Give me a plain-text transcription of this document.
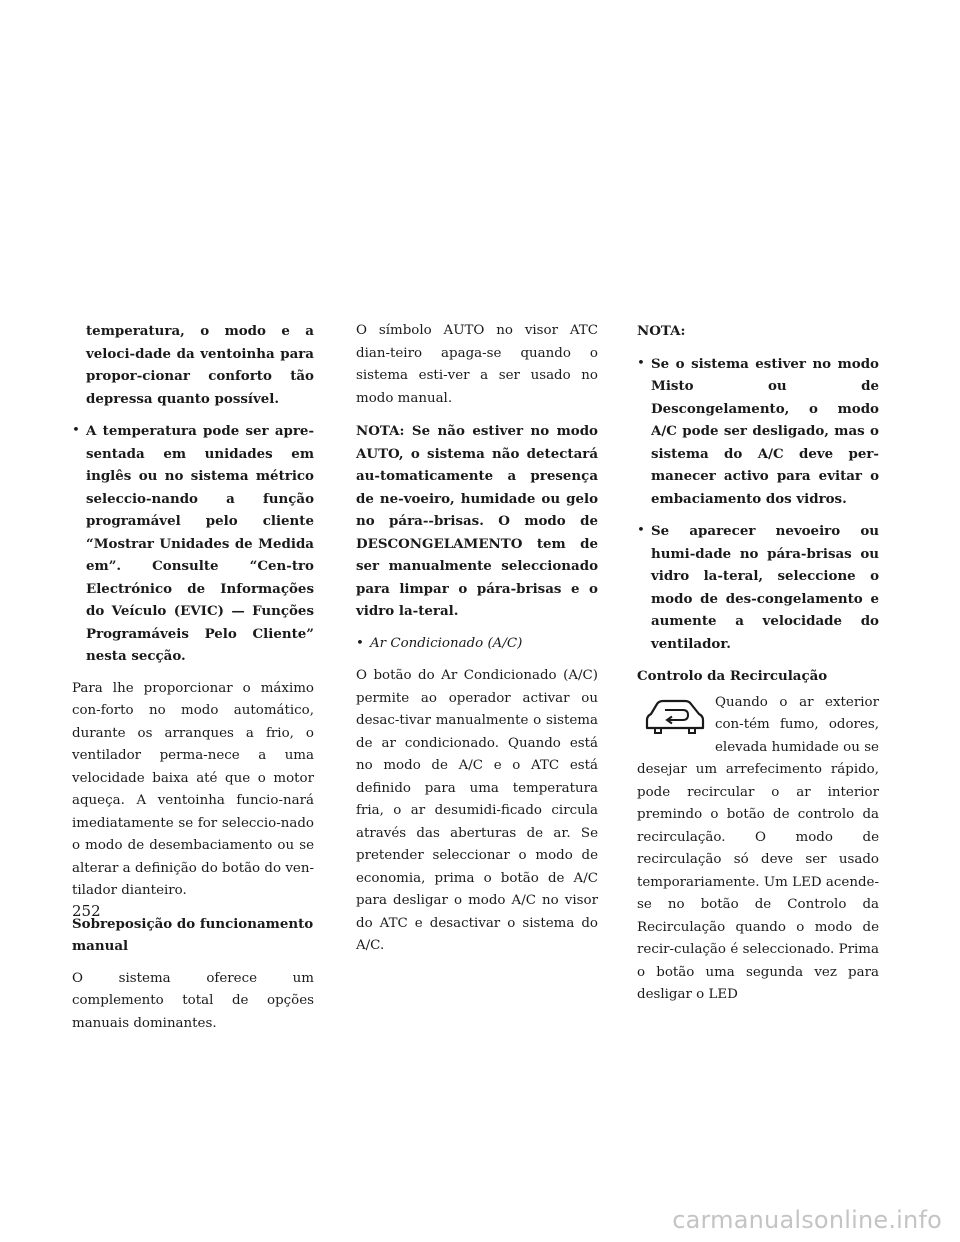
temperatura, o modo e a veloci-dade da ventoinha para propor-cionar conforto tão depressa quanto possível.

• A temperatura pode ser apre-sentada em unidades em inglês ou no sistema métrico seleccio-nando a função programável pelo cliente “Mostrar Unidades de Medida em”. Consulte “Cen-tro Electrónico de Informações do Veículo (EVIC) — Funções Programáveis Pelo Cliente” nesta secção.

Para lhe proporcionar o máximo con-forto no modo automático, durante os arranques a frio, o ventilador perma-nece a uma velocidade baixa até que o motor aqueça. A ventoinha funcio-nará imediatamente se for seleccio-nado o modo de desembaciamento ou se alterar a definição do botão do ven-tilador dianteiro.

Sobreposição do funcionamento manual

O sistema oferece um complemento total de opções manuais dominantes.

O símbolo AUTO no visor ATC dian-teiro apaga-se quando o sistema esti-ver a ser usado no modo manual.

NOTA: Se não estiver no modo AUTO, o sistema não detectará au-tomaticamente a presença de ne-voeiro, humidade ou gelo no pára--brisas. O modo de DESCONGELAMENTO tem de ser manualmente seleccionado para limpar o pára-brisas e o vidro la-teral.

• Ar Condicionado (A/C)

O botão do Ar Condicionado (A/C) permite ao operador activar ou desac-tivar manualmente o sistema de ar condicionado. Quando está no modo de A/C e o ATC está definido para uma temperatura fria, o ar desumidi-ficado circula através das aberturas de ar. Se pretender seleccionar o modo de economia, prima o botão de A/C para desligar o modo A/C no visor do ATC e desactivar o sistema do A/C.

NOTA:
• Se o sistema estiver no modo Misto ou de Descongelamento, o modo A/C pode ser desligado, mas o sistema do A/C deve per-manecer activo para evitar o embaciamento dos vidros.
• Se aparecer nevoeiro ou humi-dade no pára-brisas ou vidro la-teral, seleccione o modo de des-congelamento e aumente a velocidade do ventilador.
Controlo da Recirculação

Quando o ar exterior con-tém fumo, odores, elevada humidade ou se desejar um arrefecimento rápido, pode recircular o ar interior premindo o botão de controlo da recirculação. O modo de recirculação só deve ser usado temporariamente. Um LED acende-se no botão de Controlo da Recirculação quando o modo de recir-culação é seleccionado. Prima o botão uma segunda vez para desligar o LED

252
carmanualsonline.info
